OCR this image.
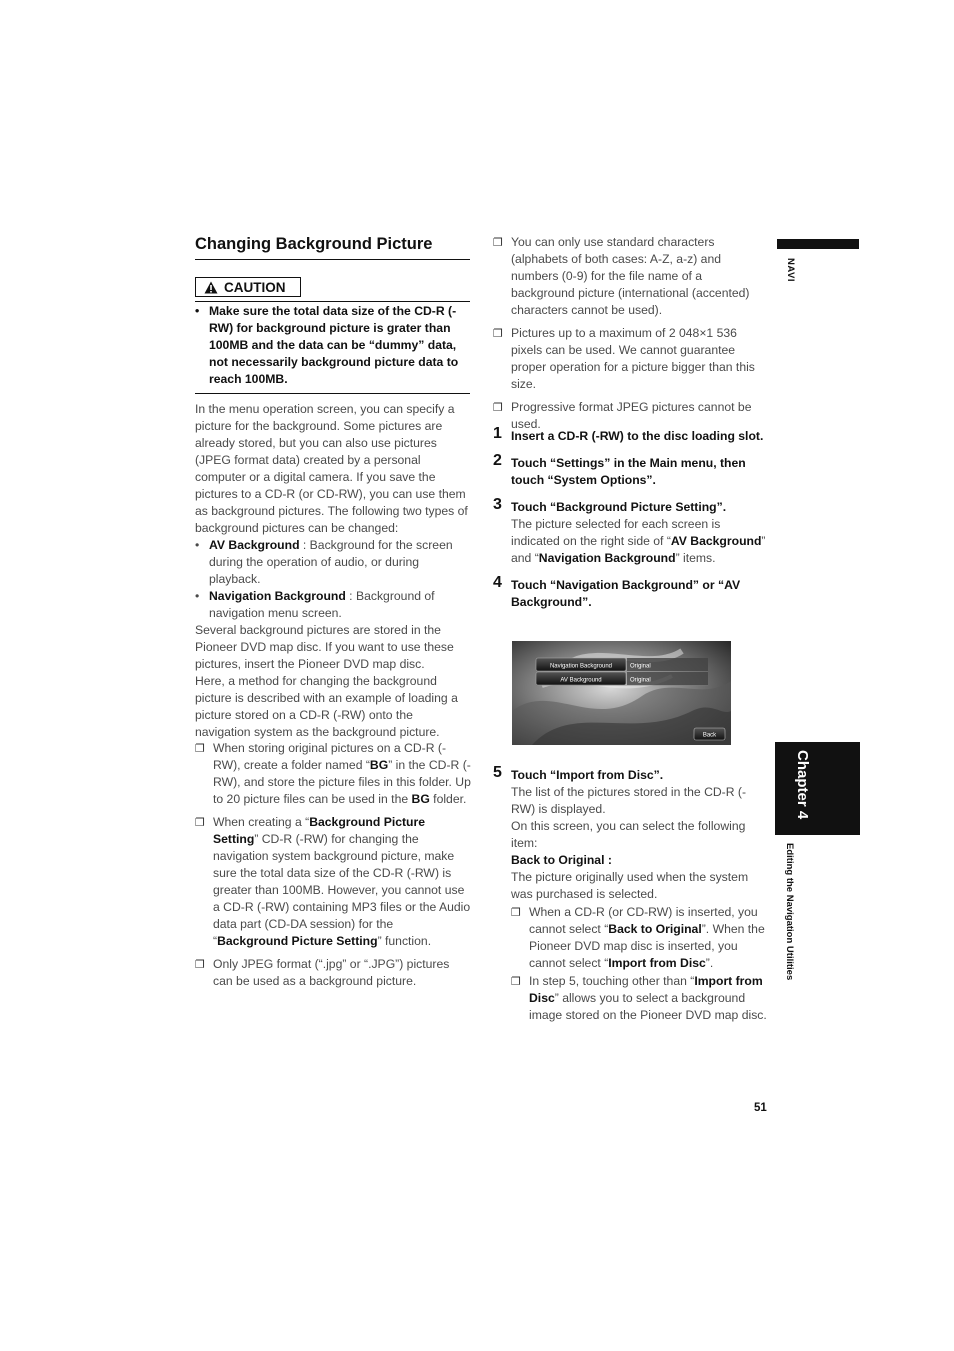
Changing Background Picture
CAUTION
• Make sure the total data size of the CD-R (-RW) for background picture is grater than 100MB and the data can be “dummy” data, not necessarily background picture data to reach 100MB.
In the menu operation screen, you can specify a picture for the background. Some pictures are already stored, but you can also use pictures (JPEG format data) created by a personal computer or a digital camera. If you save the pictures to a CD-R (or CD-RW), you can use them as background pictures. The following two types of background pictures can be changed:
• AV Background : Background for the screen during the operation of audio, or during playback.
• Navigation Background : Background of navigation menu screen.
Several background pictures are stored in the Pioneer DVD map disc. If you want to use these pictures, insert the Pioneer DVD map disc.
Here, a method for changing the background picture is described with an example of loading a picture stored on a CD-R (-RW) onto the navigation system as the background picture.
❐ When storing original pictures on a CD-R (-RW), create a folder named “BG” in the CD-R (-RW), and store the picture files in this folder. Up to 20 picture files can be used in the BG folder.
❐ When creating a “Background Picture Setting” CD-R (-RW) for changing the navigation system background picture, make sure the total data size of the CD-R (-RW) is greater than 100MB. However, you cannot use a CD-R (-RW) containing MP3 files or the Audio data part (CD-DA session) for the “Background Picture Setting” function.
❐ Only JPEG format (“.jpg” or “.JPG”) pictures can be used as a background picture.
❐ You can only use standard characters (alphabets of both cases: A-Z, a-z) and numbers (0-9) for the file name of a background picture (international (accented) characters cannot be used).
❐ Pictures up to a maximum of 2 048×1 536 pixels can be used. We cannot guarantee proper operation for a picture bigger than this size.
❐ Progressive format JPEG pictures cannot be used.
1 Insert a CD-R (-RW) to the disc loading slot.
2 Touch “Settings” in the Main menu, then touch “System Options”.
3 Touch “Background Picture Setting”.
The picture selected for each screen is indicated on the right side of “AV Background” and “Navigation Background” items.
4 Touch “Navigation Background” or “AV Background”.
Navigation Background	Original
AV Background	Original
Back
5 Touch “Import from Disc”.
The list of the pictures stored in the CD-R (-RW) is displayed.
On this screen, you can select the following item:
Back to Original :
The picture originally used when the system was purchased is selected.
❐ When a CD-R (or CD-RW) is inserted, you cannot select “Back to Original”. When the Pioneer DVD map disc is inserted, you cannot select “Import from Disc”.
❐ In step 5, touching other than “Import from Disc” allows you to select a background image stored on the Pioneer DVD map disc.
NAVI
Chapter 4
Editing the Navigation Utilities
51
